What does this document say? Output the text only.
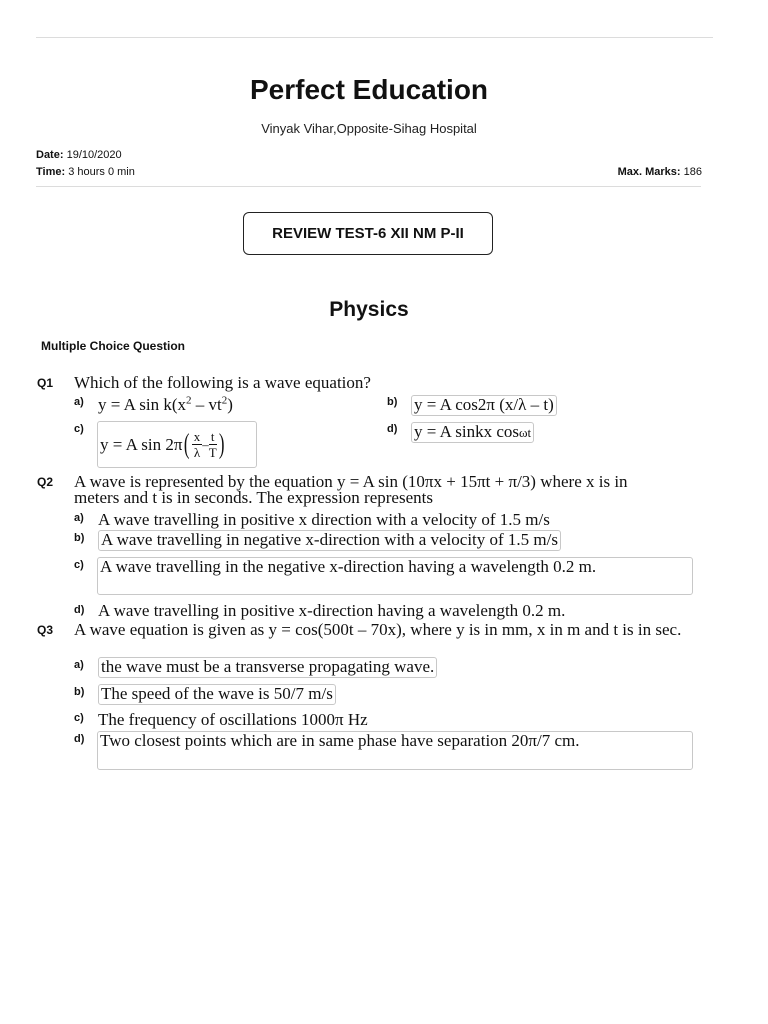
Perfect Education
Vinyak Vihar,Opposite-Sihag Hospital
Date: 19/10/2020
Time: 3 hours 0 min	Max. Marks: 186
REVIEW TEST-6 XII NM P-II
Physics
Multiple Choice Question
Q1 Which of the following is a wave equation?
a) y = A $\sin k(x^2 - vt^2)$	b) y = A cos2π (x/λ – t)
c)
y = A sin 2π ( $\frac{x}{\lambda} - \frac{t}{T}$ )	d) y = A sinkx cosωt
Q2 A wave is represented by the equation y = A sin (10πx + 15πt + π/3) where x is in meters and t is in seconds. The expression represents
a) A wave travelling in positive x direction with a velocity of 1.5 m/s
b) A wave travelling in negative x-direction with a velocity of 1.5 m/s
c) A wave travelling in the negative x-direction having a wavelength 0.2 m.
d) A wave travelling in positive x-direction having a wavelength 0.2 m.
Q3 A wave equation is given as y = cos(500t – 70x), where y is in mm, x in m and t is in sec.
a) the wave must be a transverse propagating wave.
b) The speed of the wave is 50/7 m/s
c) The frequency of oscillations 1000π Hz
d) Two closest points which are in same phase have separation 20π/7 cm.
